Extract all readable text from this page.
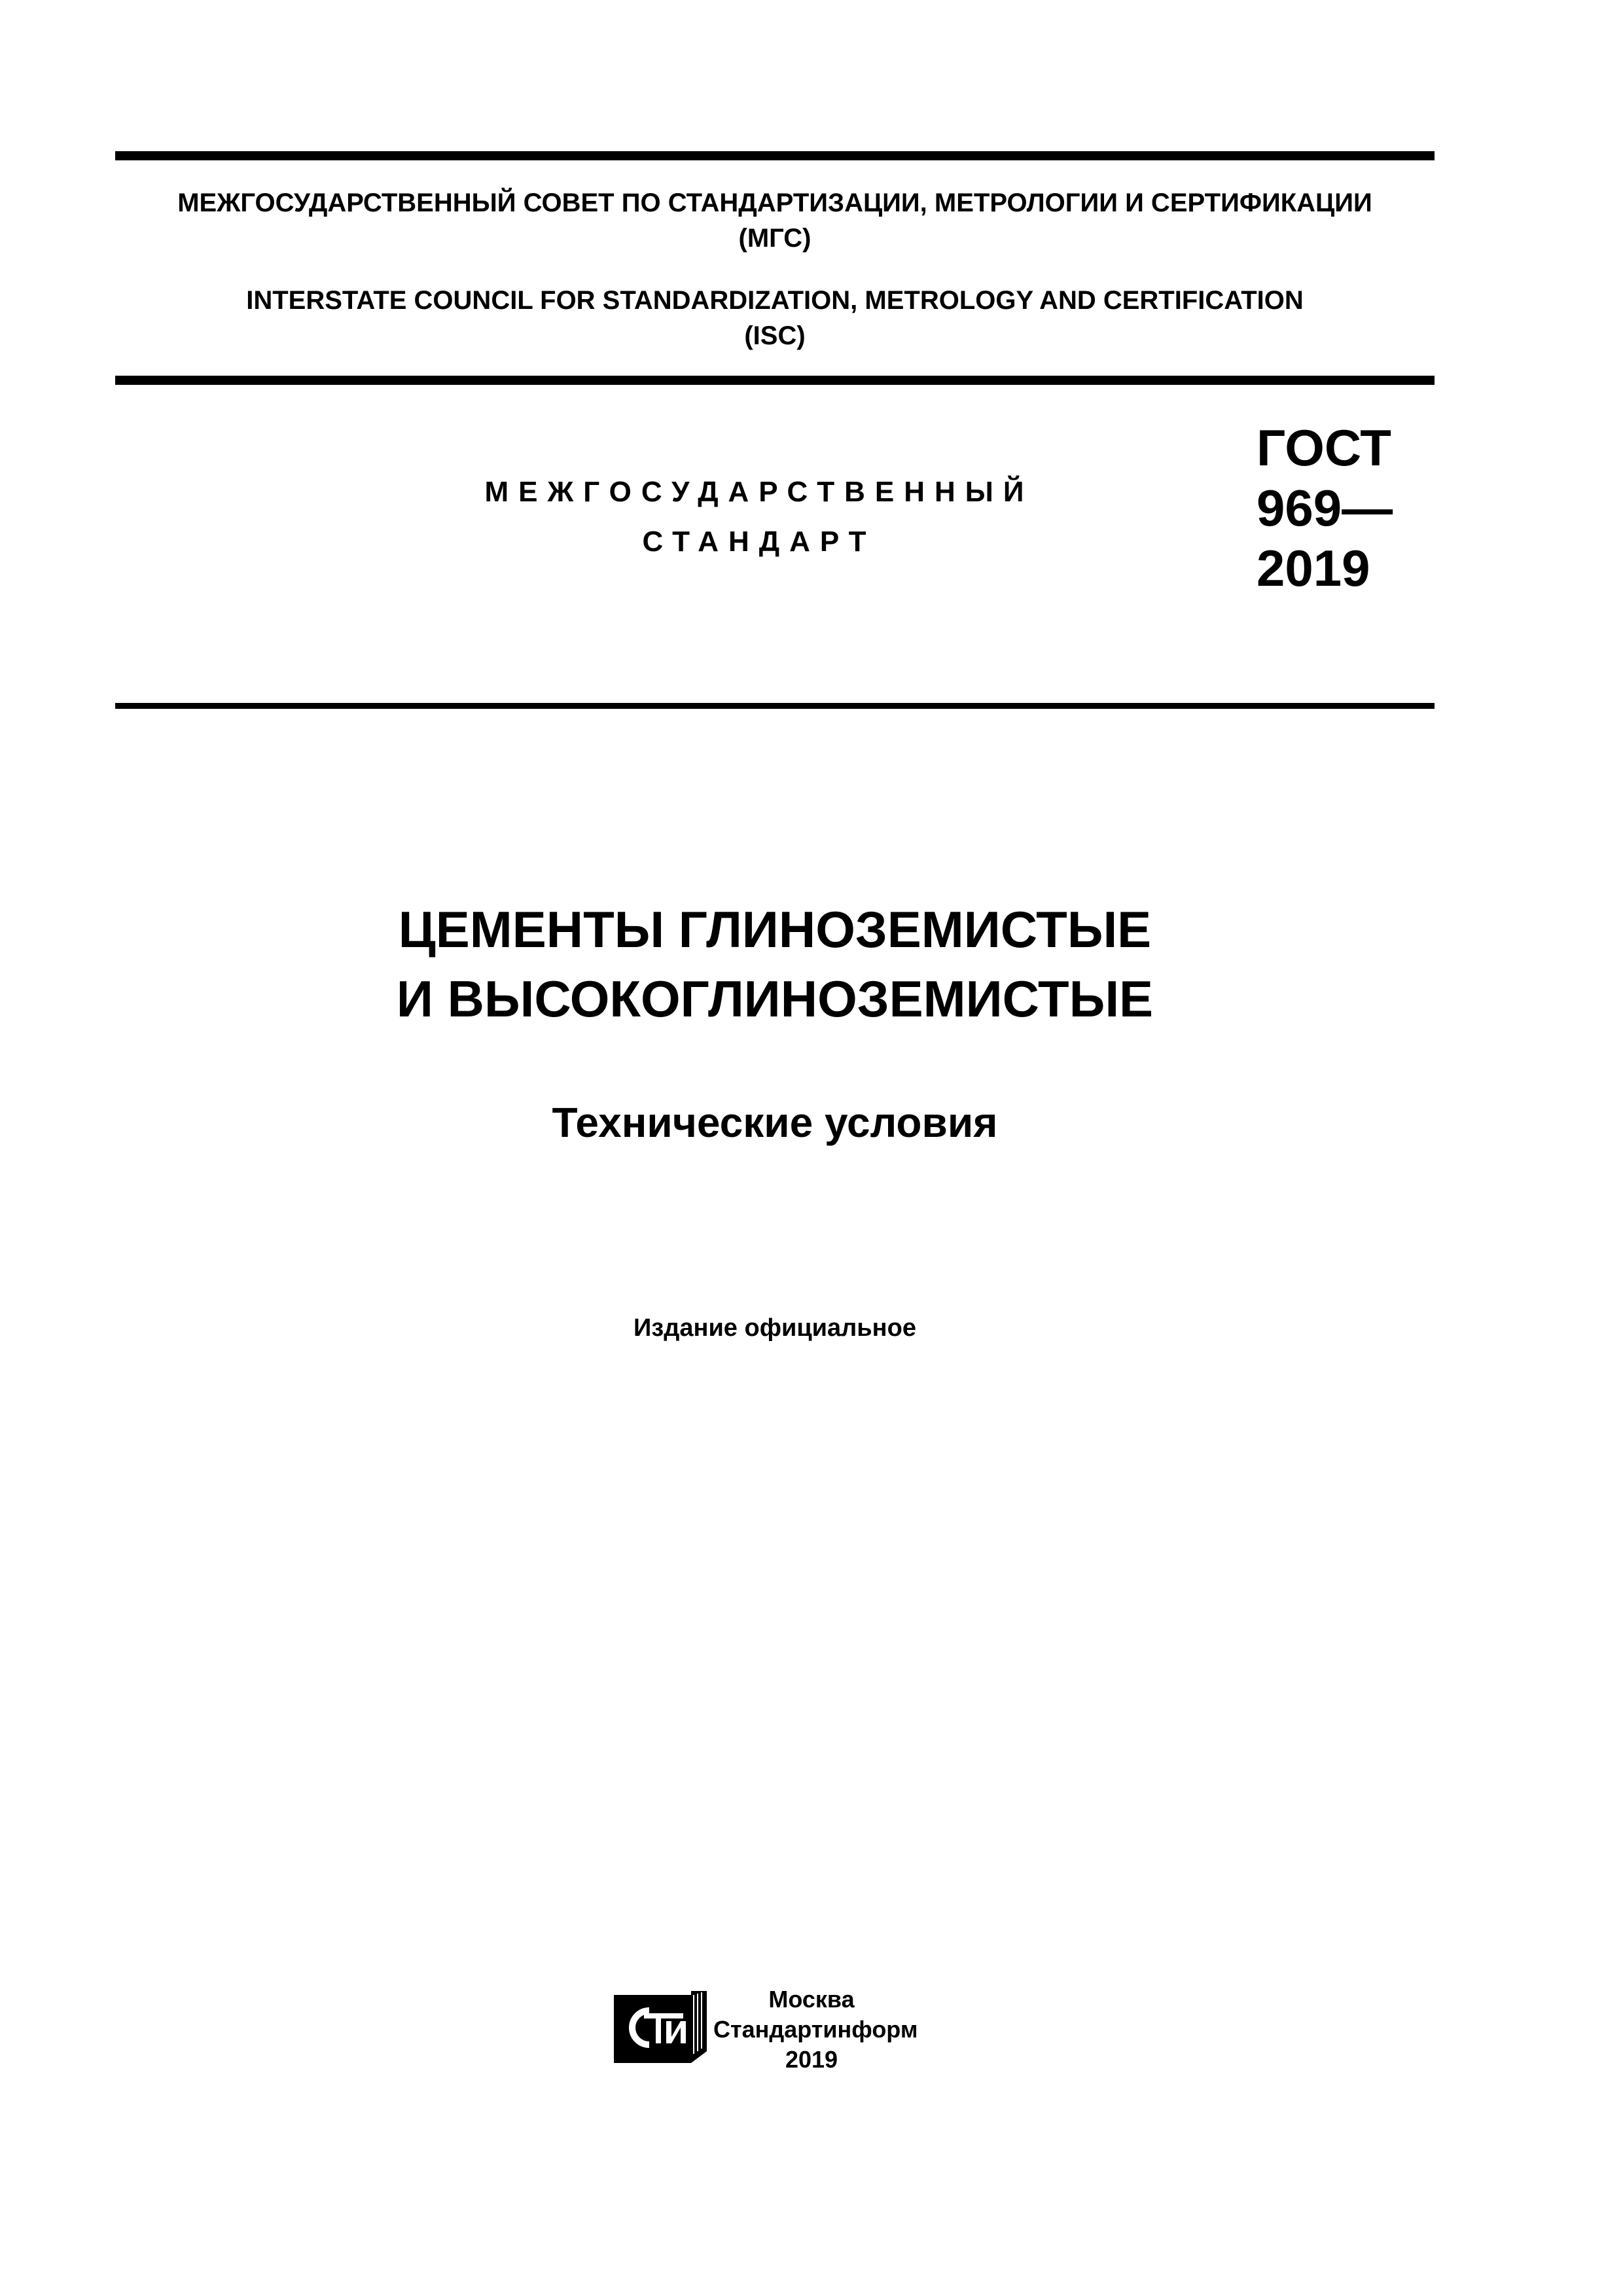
МЕЖГОСУДАРСТВЕННЫЙ СОВЕТ ПО СТАНДАРТИЗАЦИИ, МЕТРОЛОГИИ И СЕРТИФИКАЦИИ
(МГС)
INTERSTATE COUNCIL FOR STANDARDIZATION, METROLOGY AND CERTIFICATION
(ISC)
МЕЖГОСУДАРСТВЕННЫЙ
СТАНДАРТ
ГОСТ
969—
2019
ЦЕМЕНТЫ ГЛИНОЗЕМИСТЫЕ
И ВЫСОКОГЛИНОЗЕМИСТЫЕ
Технические условия
Издание официальное
Москва
Стандартинформ
2019
